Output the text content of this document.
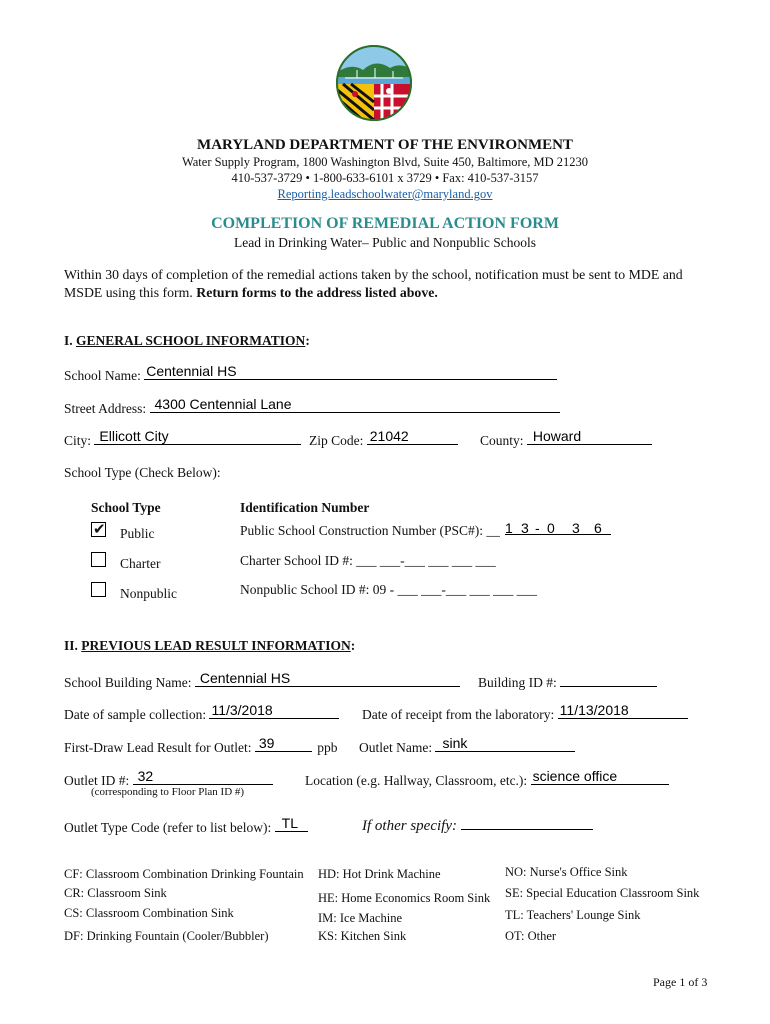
MARYLAND DEPARTMENT OF THE ENVIRONMENT
Water Supply Program, 1800 Washington Blvd, Suite 450, Baltimore, MD 21230
410-537-3729 • 1-800-633-6101 x 3729 • Fax: 410-537-3157
Reporting.leadschoolwater@maryland.gov
COMPLETION OF REMEDIAL ACTION FORM
Lead in Drinking Water– Public and Nonpublic Schools
Within 30 days of completion of the remedial actions taken by the school, notification must be sent to MDE and
MSDE using this form. Return forms to the address listed above.
I. GENERAL SCHOOL INFORMATION:
School Name: Centennial HS
Street Address: 4300 Centennial Lane
City: Ellicott City	Zip Code: 21042	County: Howard
School Type (Check Below):
School Type	Identification Number
✔ Public	Public School Construction Number (PSC#): __ 1 3 - 0 3 6
Charter	Charter School ID #: ___ ___-___ ___ ___ ___
Nonpublic	Nonpublic School ID #: 09 - ___ ___-___ ___ ___ ___
II. PREVIOUS LEAD RESULT INFORMATION:
School Building Name: Centennial HS	Building ID #:
Date of sample collection: 11/3/2018	Date of receipt from the laboratory: 11/13/2018
First-Draw Lead Result for Outlet: 39	ppb Outlet Name: sink
Outlet ID #: 32
(corresponding to Floor Plan ID #)
Location (e.g. Hallway, Classroom, etc.): science office
Outlet Type Code (refer to list below): TL	If other specify:
CF: Classroom Combination Drinking Fountain
CR: Classroom Sink
CS: Classroom Combination Sink
DF: Drinking Fountain (Cooler/Bubbler)
HD: Hot Drink Machine
HE: Home Economics Room Sink
IM: Ice Machine
KS: Kitchen Sink
NO: Nurse's Office Sink
SE: Special Education Classroom Sink
TL: Teachers' Lounge Sink
OT: Other
Page 1 of 3
